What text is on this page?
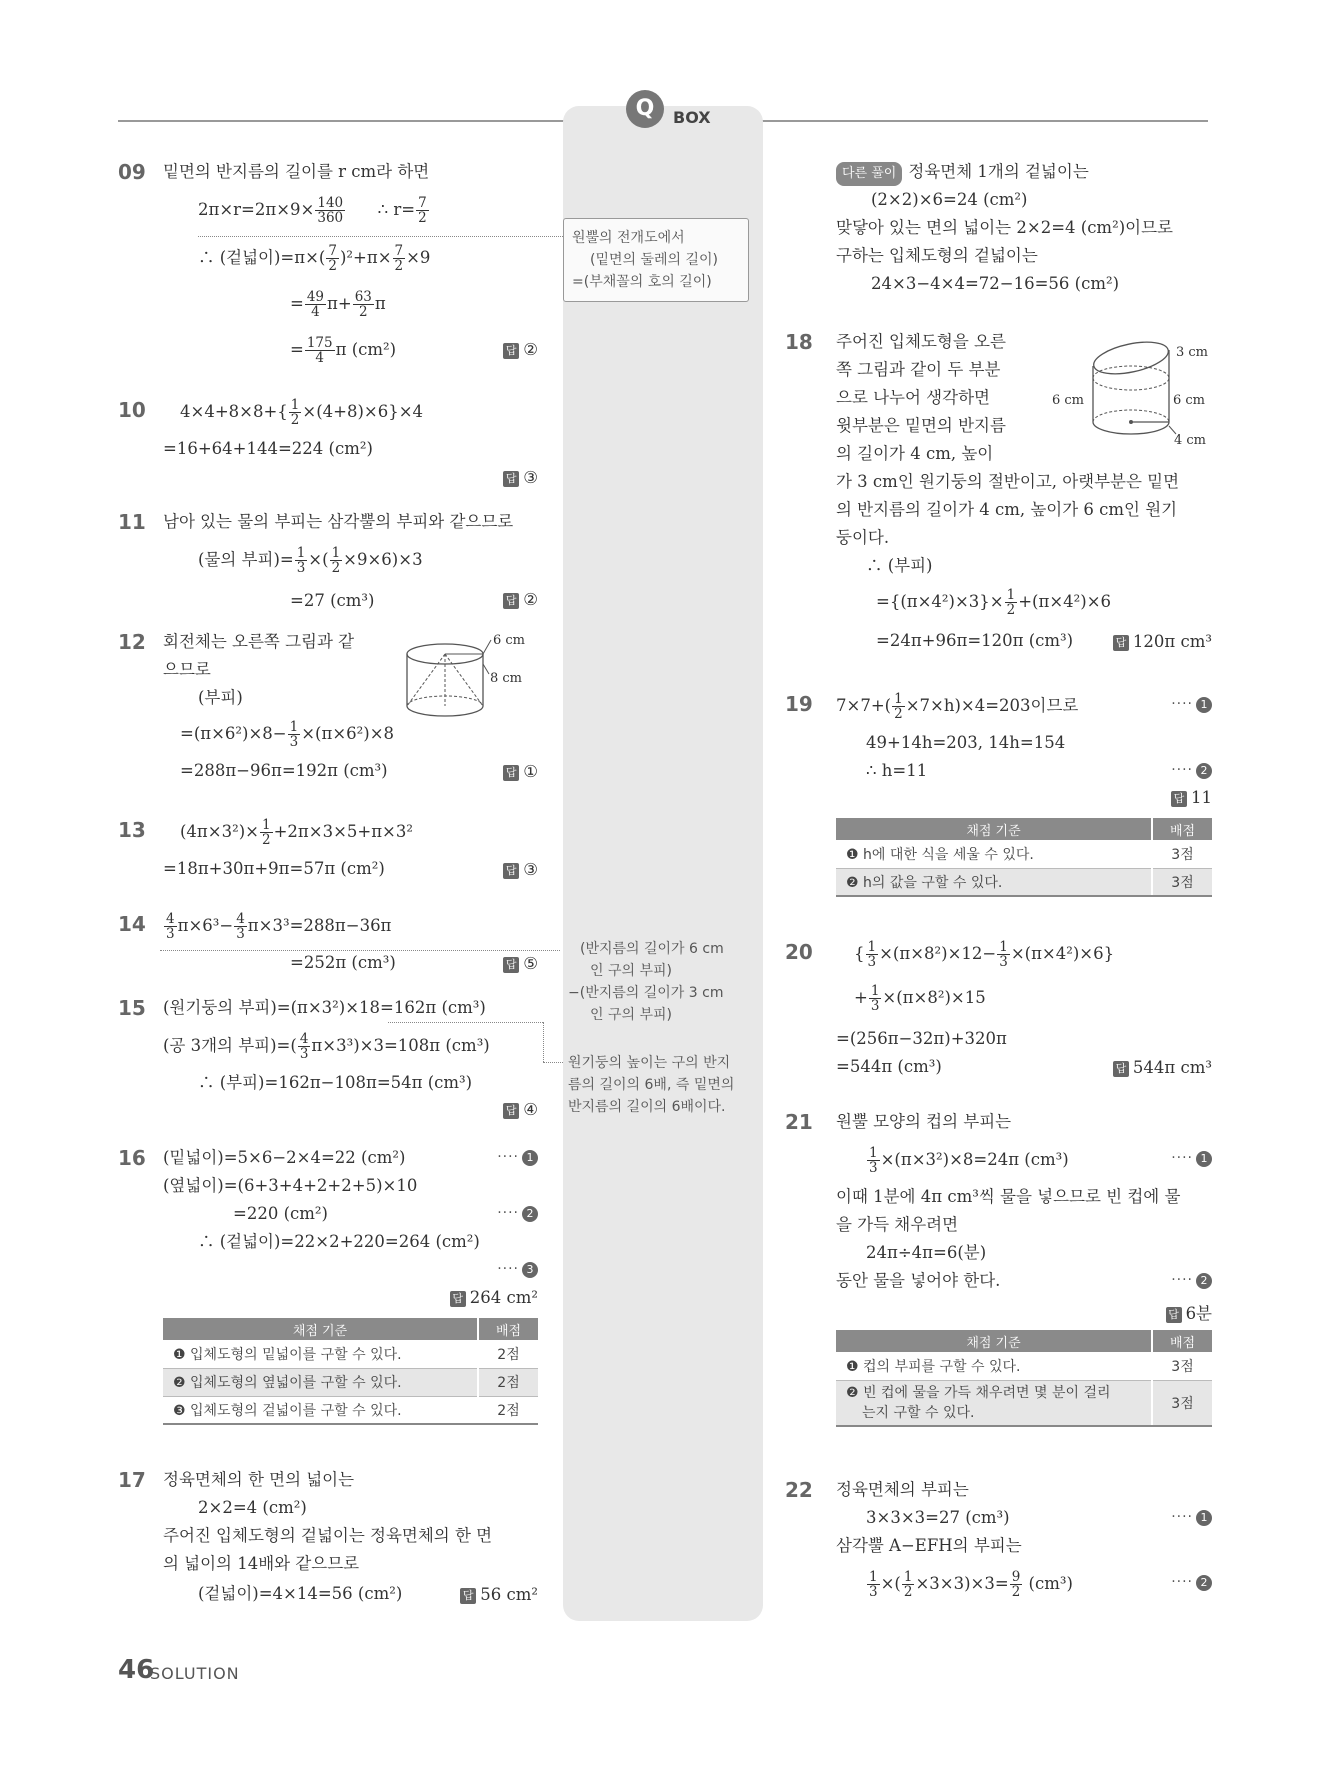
Q	BOX
원뿔의 전개도에서
(밑면의 둘레의 길이)
=(부채꼴의 호의 길이)
(반지름의 길이가 6 cm
인 구의 부피)
−(반지름의 길이가 3 cm
인 구의 부피)
원기둥의 높이는 구의 반지
름의 길이의 6배, 즉 밑면의
반지름의 길이의 6배이다.
09 밑면의 반지름의 길이를 r cm라 하면
$2\pi\times r=2\pi\times 9\times \frac{140}{360}$ ∴ $r= \frac{7}{2}$
∴ (겉넓이)$=\pi\times( \frac{7}{2} )^2+\pi\times \frac{7}{2} \times 9$
= $\frac{49}{4} \pi+ \frac{63}{2}$ π
= $\frac{175}{4}$ π (cm²)	답 ②
10 $4\times 4+8\times 8+\{ \frac{1}{2} \times(4+8)\times 6\}\times 4$
=16+64+144=224 (cm²)
답 ③
11 남아 있는 물의 부피는 삼각뿔의 부피와 같으므로
(물의 부피)= $\frac{1}{3}$ ×( $\frac{1}{2} \times 9\times 6)\times 3$
=27 (cm³)	답 ②
12 회전체는 오른쪽 그림과 같
으므로
(부피)
$=(\pi\times 6^2)\times 8- \frac{1}{3} \times(\pi\times 6^2)\times 8$
=288π−96π=192π (cm³)	답 ①
6 cm
8 cm
13 $(4\pi\times 3^2)\times \frac{1}{2} +2\pi\times 3\times 5+\pi\times 3^2$
=18π+30π+9π=57π (cm²)	답 ③
$14 \frac{4}{3} \pi\times 6^3- \frac{4}{3} \pi\times 3^3=288\pi-36\pi$
=252π (cm³)	답 ⑤
15 (원기둥의 부피)=(π×3²)×18=162π (cm³)
(공 3개의 부피)=( $\frac{4}{3} \pi\times 3^3)\times 3=108\pi$ (cm³)
∴ (부피)=162π−108π=54π (cm³)
답 ④
16 (밑넓이)=5×6−2×4=22 (cm²)	···· 1
(옆넓이)=(6+3+4+2+2+5)×10
=220 (cm²)	···· 2
∴ (겉넓이)=22×2+220=264 (cm²)
···· 3
답 264 cm²
채점 기준	배점
❶ 입체도형의 밑넓이를 구할 수 있다.	2점
❷ 입체도형의 옆넓이를 구할 수 있다.	2점
❸ 입체도형의 겉넓이를 구할 수 있다.	2점
17 정육면체의 한 면의 넓이는
2×2=4 (cm²)
주어진 입체도형의 겉넓이는 정육면체의 한 면
의 넓이의 14배와 같으므로
(겉넓이)=4×14=56 (cm²)	답 56 cm²
다른 풀이 정육면체 1개의 겉넓이는
(2×2)×6=24 (cm²)
맞닿아 있는 면의 넓이는 2×2=4 (cm²)이므로
구하는 입체도형의 겉넓이는
24×3−4×4=72−16=56 (cm²)
18 주어진 입체도형을 오른
쪽 그림과 같이 두 부분
으로 나누어 생각하면
윗부분은 밑면의 반지름
의 길이가 4 cm, 높이
가 3 cm인 원기둥의 절반이고, 아랫부분은 밑면
의 반지름의 길이가 4 cm, 높이가 6 cm인 원기
둥이다.
∴ (부피)
$=\{(\pi\times 4^2)\times 3\}\times \frac{1}{2} +(\pi\times 4^2)\times 6$
=24π+96π=120π (cm³)	답 120π cm³
3 cm
6 cm	6 cm
4 cm
19 $7\times 7+( \frac{1}{2} \times 7\times h)\times 4=203$이므로	···· 1
49+14h=203, 14h=154
∴ h=11	···· 2
답 11
채점 기준	배점
❶ h에 대한 식을 세울 수 있다.	3점
❷ h의 값을 구할 수 있다.	3점
20 { $\frac{1}{3} \times(\pi\times 8^2)\times 12- \frac{1}{3} \times(\pi\times 4^2)\times 6$}
+ $\frac{1}{3} \times(\pi\times 8^2)\times 15$
=(256π−32π)+320π
=544π (cm³)	답 544π cm³
21 원뿔 모양의 컵의 부피는
$\frac{1}{3} \times(\pi\times 3^2)\times 8=24\pi$ (cm³)	···· 1
이때 1분에 4π cm³씩 물을 넣으므로 빈 컵에 물
을 가득 채우려면
24π÷4π=6(분)
동안 물을 넣어야 한다.	···· 2
답 6분
채점 기준	배점
❶ 컵의 부피를 구할 수 있다.	3점

❷ 빈 컵에 물을 가득 채우려면 몇 분이 걸리
는지 구할 수 있다.	3점
22 정육면체의 부피는
3×3×3=27 (cm³)	···· 1
삼각뿔 A−EFH의 부피는
$\frac{1}{3}$ ×( $\frac{1}{2} \times 3\times 3)\times 3= \frac{9}{2} (cm^3)$	···· 2
46
SOLUTION
